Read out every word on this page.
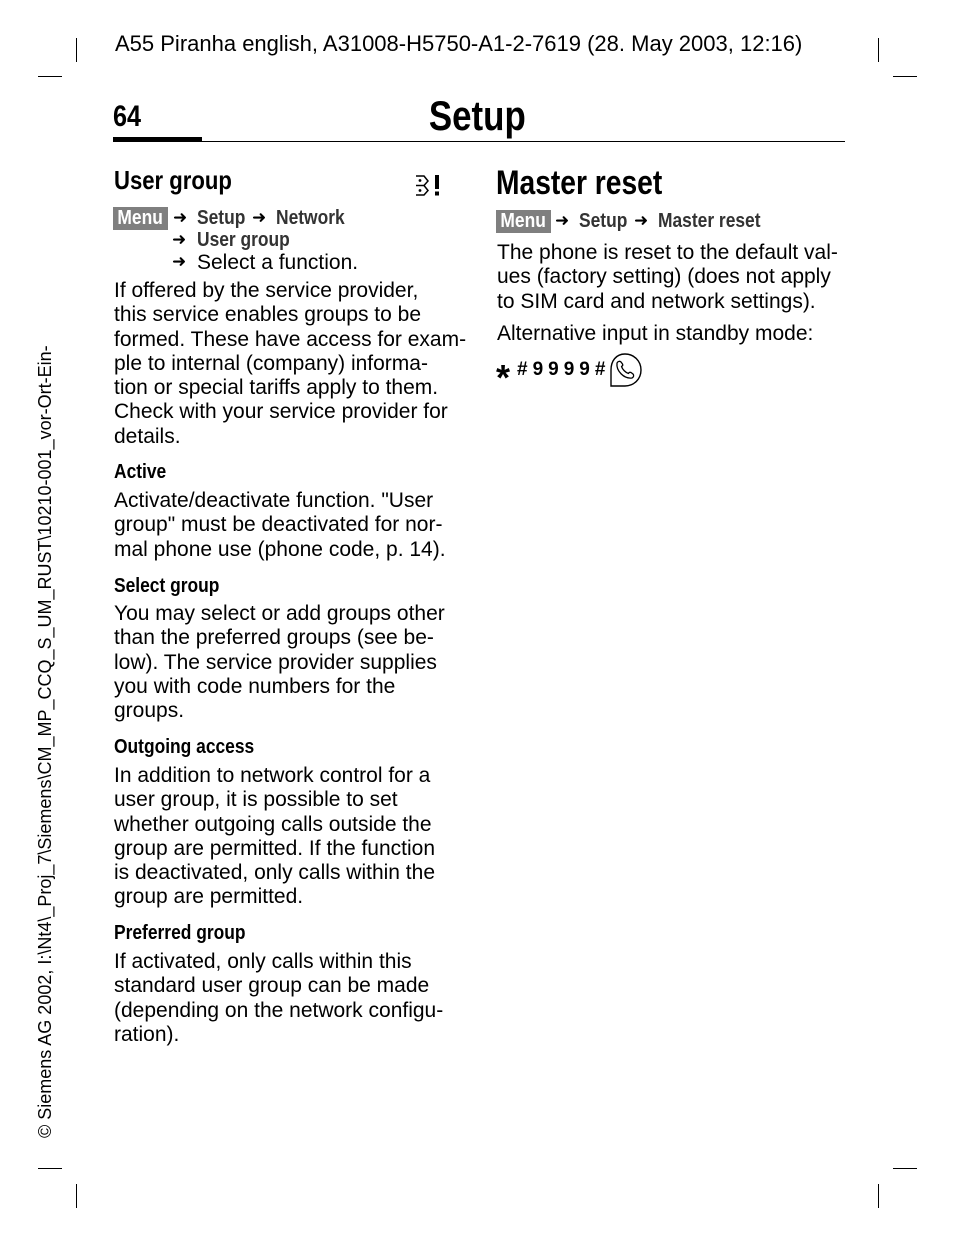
A55 Piranha english, A31008-H5750-A1-2-7619 (28. May 2003, 12:16)
64	Setup
© Siemens AG 2002, I:\Nt4\_Proj_7\Siemens\CM_MP_CCQ_S_UM_RUST\10210-001_vor-Ort-Ein-
User group
Menu ➜ Setup ➜ Network
➜ User group
➜ Select a function.
If offered by the service provider,
this service enables groups to be
formed. These have access for exam-
ple to internal (company) informa-
tion or special tariffs apply to them.
Check with your service provider for
details.
Active
Activate/deactivate function. "User
group" must be deactivated for nor-
mal phone use (phone code, p. 14).
Select group
You may select or add groups other
than the preferred groups (see be-
low). The service provider supplies
you with code numbers for the
groups.
Outgoing access
In addition to network control for a
user group, it is possible to set
whether outgoing calls outside the
group are permitted. If the function
is deactivated, only calls within the
group are permitted.
Preferred group
If activated, only calls within this
standard user group can be made
(depending on the network configu-
ration).
Master reset
Menu ➜ Setup ➜ Master reset
The phone is reset to the default val-
ues (factory setting) (does not apply
to SIM card and network settings).
Alternative input in standby mode:
* #9999#
